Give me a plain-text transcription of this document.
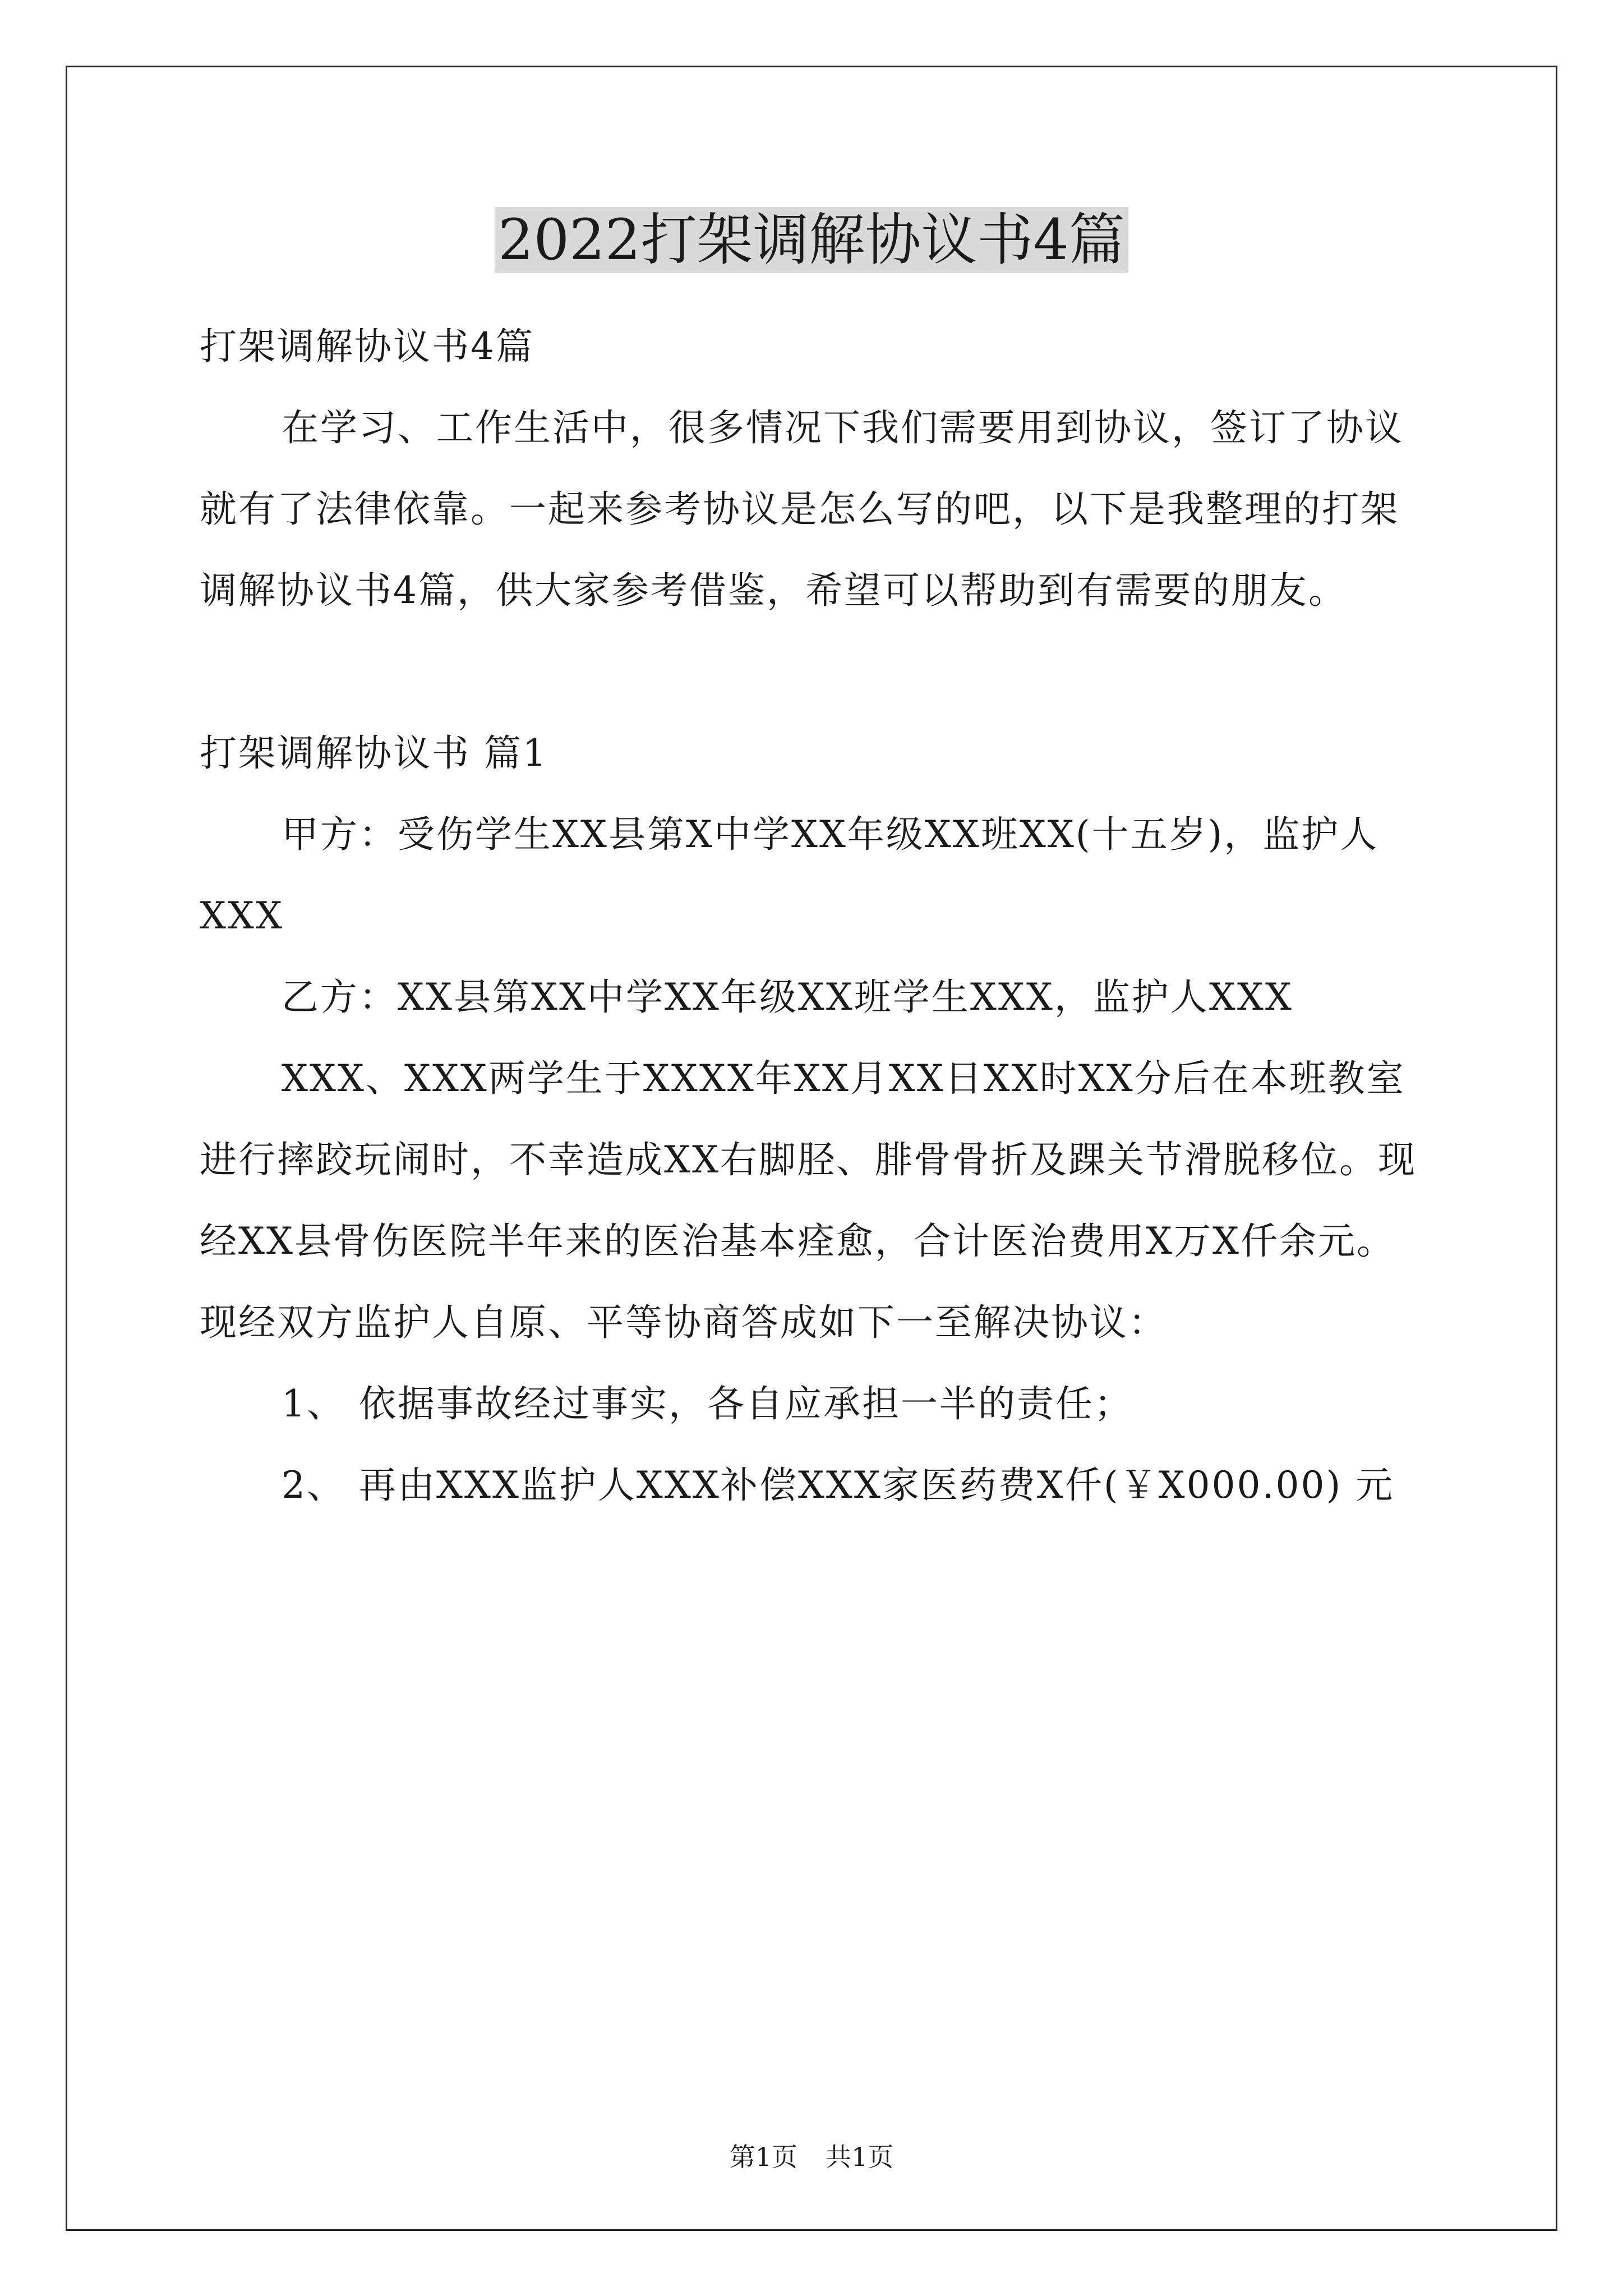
2022打架调解协议书4篇

打架调解协议书4篇

在学习、工作生活中，很多情况下我们需要用到协议，签订了协议就有了法律依靠。一起来参考协议是怎么写的吧，以下是我整理的打架调解协议书4篇，供大家参考借鉴，希望可以帮助到有需要的朋友。

打架调解协议书 篇1

甲方：受伤学生XX县第X中学XX年级XX班XX(十五岁)，监护人XXX

乙方：XX县第XX中学XX年级XX班学生XXX，监护人XXX

XXX、XXX两学生于XXXX年XX月XX日XX时XX分后在本班教室进行摔跤玩闹时，不幸造成XX右脚胫、腓骨骨折及踝关节滑脱移位。现经XX县骨伤医院半年来的医治基本痊愈，合计医治费用X万X仟余元。现经双方监护人自原、平等协商答成如下一至解决协议：

1、 依据事故经过事实，各自应承担一半的责任；

2、 再由XXX监护人XXX补偿XXX家医药费X仟(￥X000.00) 元

第1页 共1页
